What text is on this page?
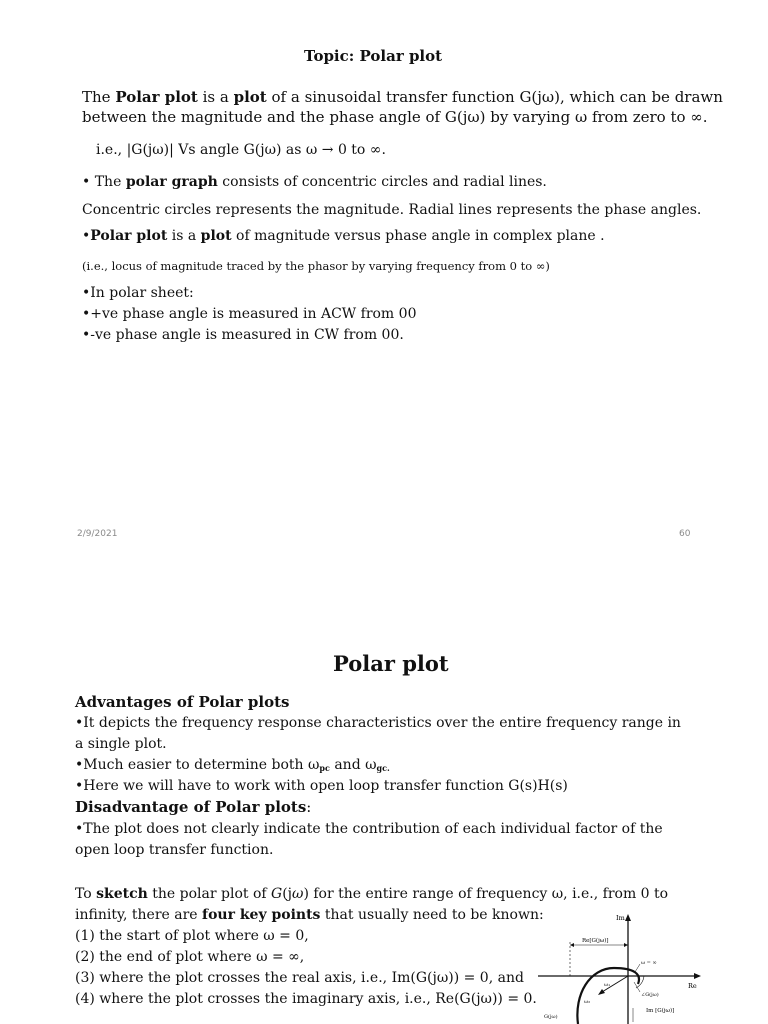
Topic: Polar plot
The Polar plot is a plot of a sinusoidal transfer function G(jω), which can be drawn
between the magnitude and the phase angle of G(jω) by varying ω from zero to ∞.
i.e., |G(jω)| Vs angle G(jω) as ω → 0 to ∞.
• The polar graph consists of concentric circles and radial lines.
Concentric circles represents the magnitude. Radial lines represents the phase angles.
•Polar plot is a plot of magnitude versus phase angle in complex plane .
(i.e., locus of magnitude traced by the phasor by varying frequency from 0 to ∞)
•In polar sheet:
•+ve phase angle is measured in ACW from 00
•-ve phase angle is measured in CW from 00.
2/9/2021	60
Polar plot
Advantages of Polar plots
•It depicts the frequency response characteristics over the entire frequency range in
a single plot.
•Much easier to determine both $\omega_{pc}$ and $\omega_{gc.}$
•Here we will have to work with open loop transfer function G(s)H(s)
Disadvantage of Polar plots:
•The plot does not clearly indicate the contribution of each individual factor of the
open loop transfer function.
To sketch the polar plot of G(jω) for the entire range of frequency ω, i.e., from 0 to
infinity, there are four key points that usually need to be known:
(1) the start of plot where ω = 0,
(2) the end of plot where ω = ∞,
(3) where the plot crosses the real axis, i.e., Im(G(jω)) = 0, and
(4) where the plot crosses the imaginary axis, i.e., Re(G(jω)) = 0.
Im
Re
Re[G(jω)]
ω = ∞
ω₁
ω₂
∠G(jω)
Im [G(jω)]
G(jω)
